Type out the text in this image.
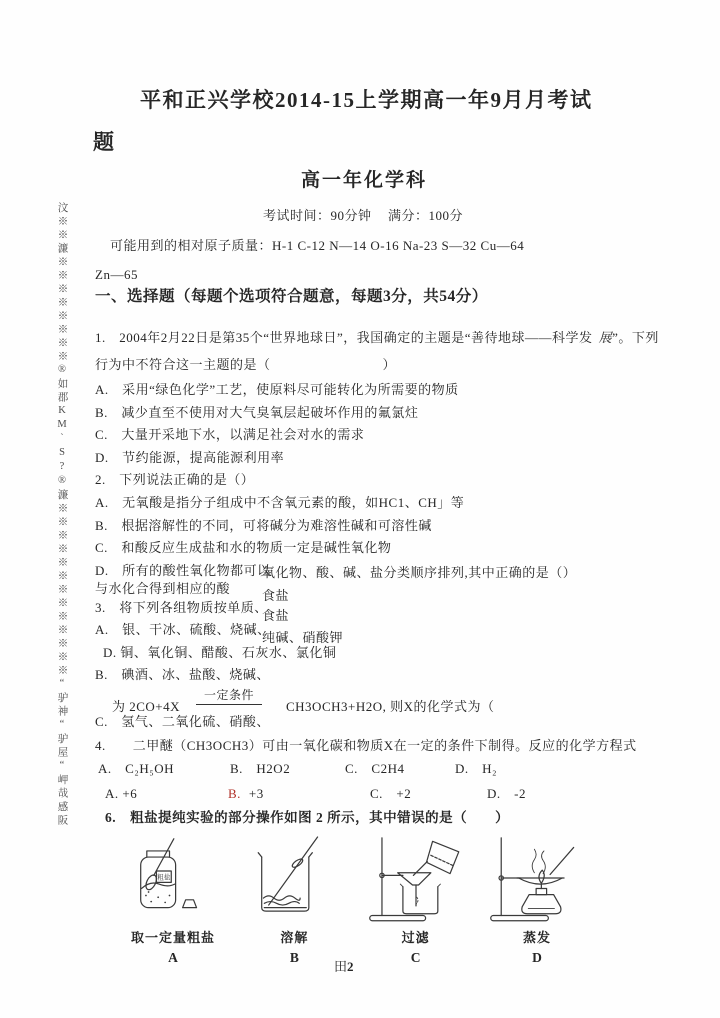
汶※※濂※※※※※※※※®如郡KM`S?®濂※※※※※※※※※※※※※“驴神“驴屋“岬哉感阪
平和正兴学校2014-15上学期高一年9月月考试
题
高一年化学科
考试时间：90分钟 满分：100分
可能用到的相对原子质量：H-1 C-12 N—14 O-16 Na-23 S—32 Cu—64
Zn—65
一、选择题（每题个选项符合题意，每题3分，共54分）
1.　2004年2月22日是第35个“世界地球日”，我国确定的主题是“善待地球——科学发 展”。下列
行为中不符合这一主题的是（	）
A.　采用“绿色化学”工艺，使原料尽可能转化为所需要的物质
B.　减少直至不使用对大气臭氧层起破坏作用的氟氯炷
C.　大量开采地下水，以满足社会对水的需求
D.　节约能源，提高能源利用率
2.　下列说法正确的是（）
A.　无氧酸是指分子组成中不含氧元素的酸，如HC1、CH」等
B.　根据溶解性的不同，可将碱分为难溶性碱和可溶性碱
C.　和酸反应生成盐和水的物质一定是碱性氧化物
D.　所有的酸性氧化物都可以
氧化物、酸、碱、盐分类顺序排列,其中正确的是（）
与水化合得到相应的酸 食盐
3.　将下列各组物质按单质、
食盐
A.　银、干冰、硫酸、烧碱、
纯碱、硝酸钾
D. 铜、氧化铜、醋酸、石灰水、氯化铜
B.　碘酒、冰、盐酸、烧碱、
为 2CO+4X
一定条件
CH3OCH3+H2O, 则X的化学式为（
C.　氢气、二氧化硫、硝酸、
4.　　二甲醚（CH3OCH3）可由一氧化碳和物质X在一定的条件下制得。反应的化学方程式
A.　C₂H₅OH	B.　H2O2	C.　C2H4	D.　H₂
A. +6	B. +3	C.　+2	D.　-2
6.　粗盐提纯实验的部分操作如图 2 所示，其中错误的是（　　）
粗盐
取一定量粗盐
A
溶解
B
过滤
C
蒸发
D
田2
